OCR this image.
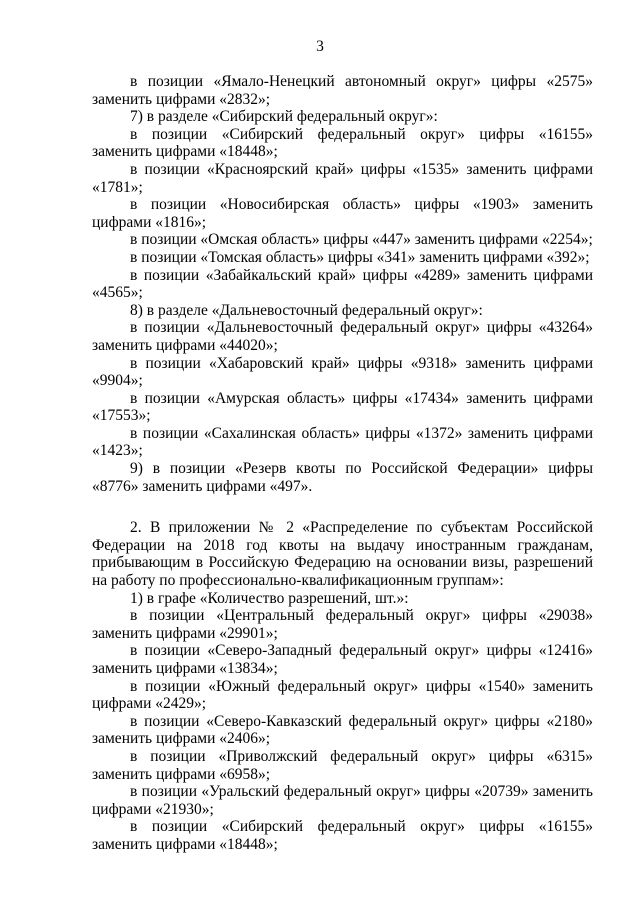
3

в позиции «Ямало-Ненецкий автономный округ» цифры «2575» заменить цифрами «2832»;

7) в разделе «Сибирский федеральный округ»:

в позиции «Сибирский федеральный округ» цифры «16155» заменить цифрами «18448»;

в позиции «Красноярский край» цифры «1535» заменить цифрами «1781»;

в позиции «Новосибирская область» цифры «1903» заменить цифрами «1816»;

в позиции «Омская область» цифры «447» заменить цифрами «2254»;

в позиции «Томская область» цифры «341» заменить цифрами «392»;

в позиции «Забайкальский край» цифры «4289» заменить цифрами «4565»;

8) в разделе «Дальневосточный федеральный округ»:

в позиции «Дальневосточный федеральный округ» цифры «43264» заменить цифрами «44020»;

в позиции «Хабаровский край» цифры «9318» заменить цифрами «9904»;

в позиции «Амурская область» цифры «17434» заменить цифрами «17553»;

в позиции «Сахалинская область» цифры «1372» заменить цифрами «1423»;

9) в позиции «Резерв квоты по Российской Федерации» цифры «8776» заменить цифрами «497».

2. В приложении № 2 «Распределение по субъектам Российской Федерации на 2018 год квоты на выдачу иностранным гражданам, прибывающим в Российскую Федерацию на основании визы, разрешений на работу по профессионально-квалификационным группам»:

1) в графе «Количество разрешений, шт.»:

в позиции «Центральный федеральный округ» цифры «29038» заменить цифрами «29901»;

в позиции «Северо-Западный федеральный округ» цифры «12416» заменить цифрами «13834»;

в позиции «Южный федеральный округ» цифры «1540» заменить цифрами «2429»;

в позиции «Северо-Кавказский федеральный округ» цифры «2180» заменить цифрами «2406»;

в позиции «Приволжский федеральный округ» цифры «6315» заменить цифрами «6958»;

в позиции «Уральский федеральный округ» цифры «20739» заменить цифрами «21930»;

в позиции «Сибирский федеральный округ» цифры «16155» заменить цифрами «18448»;
